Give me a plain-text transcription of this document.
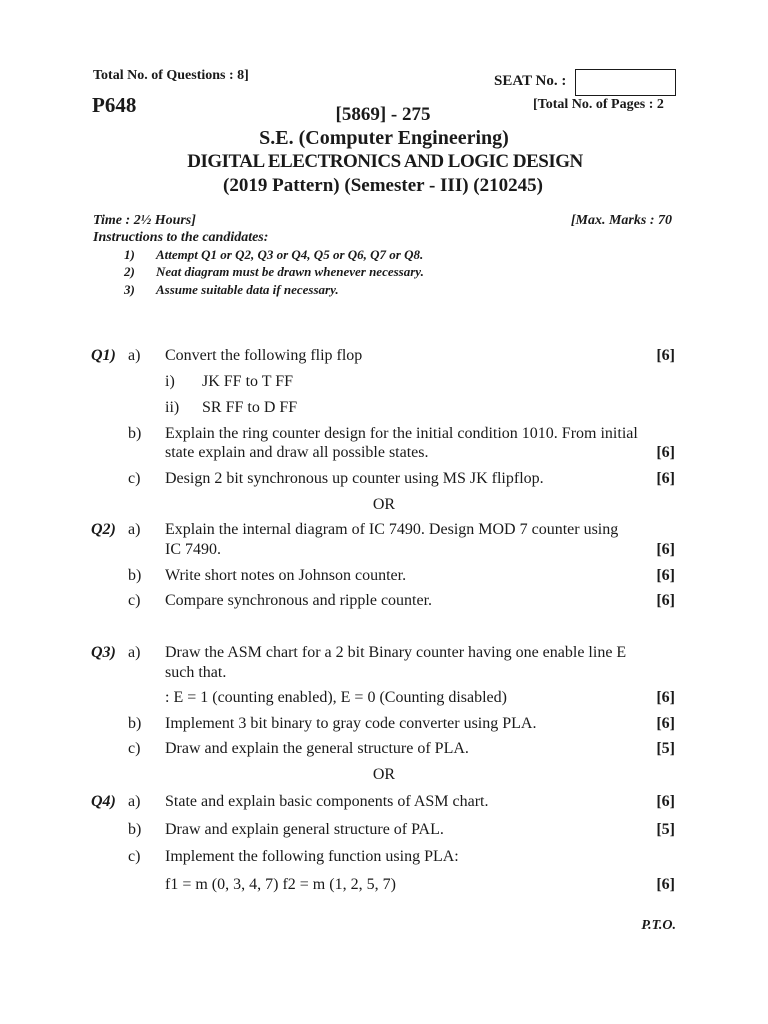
Total No. of Questions : 8]	SEAT No. :
P648	[Total No. of Pages : 2
[5869] - 275
S.E. (Computer Engineering)
DIGITAL ELECTRONICS AND LOGIC DESIGN
(2019 Pattern) (Semester - III) (210245)
Time : 2½ Hours]	[Max. Marks : 70
Instructions to the candidates:
1) Attempt Q1 or Q2, Q3 or Q4, Q5 or Q6, Q7 or Q8.
2) Neat diagram must be drawn whenever necessary.
3) Assume suitable data if necessary.
Q1) a) Convert the following flip flop	[6]
i) JK FF to T FF
ii) SR FF to D FF
b) Explain the ring counter design for the initial condition 1010. From initial
state explain and draw all possible states.	[6]
c) Design 2 bit synchronous up counter using MS JK flipflop.	[6]
OR
Q2) a) Explain the internal diagram of IC 7490. Design MOD 7 counter using
IC 7490.	[6]
b) Write short notes on Johnson counter.	[6]
c) Compare synchronous and ripple counter.	[6]
Q3) a) Draw the ASM chart for a 2 bit Binary counter having one enable line E
such that.
: E = 1 (counting enabled), E = 0 (Counting disabled)	[6]
b) Implement 3 bit binary to gray code converter using PLA.	[6]
c) Draw and explain the general structure of PLA.	[5]
OR
Q4) a) State and explain basic components of ASM chart.	[6]
b) Draw and explain general structure of PAL.	[5]
c) Implement the following function using PLA:
f1 = m (0, 3, 4, 7) f2 = m (1, 2, 5, 7)	[6]
P.T.O.
